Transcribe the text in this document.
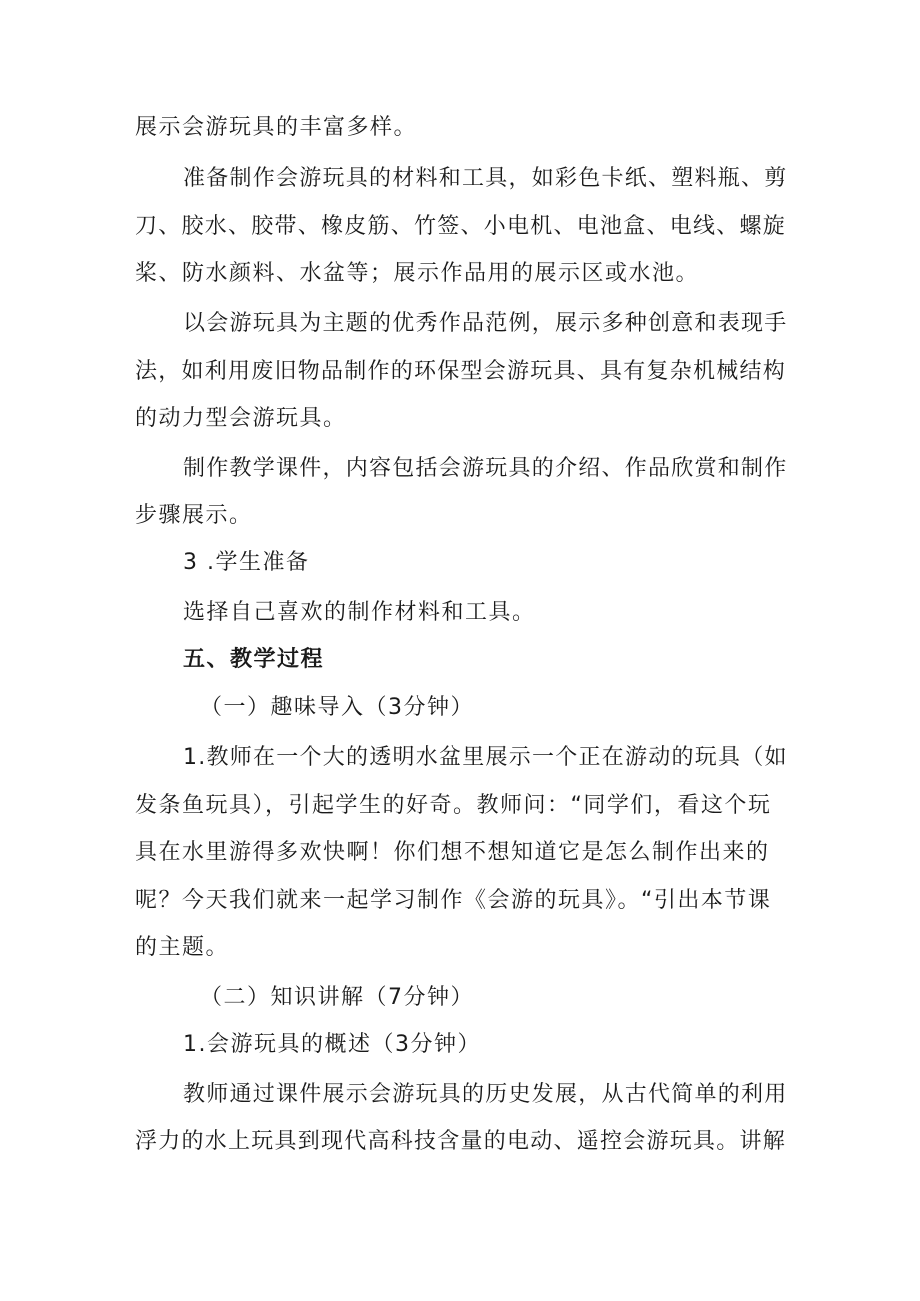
展示会游玩具的丰富多样。
准备制作会游玩具的材料和工具，如彩色卡纸、塑料瓶、剪
刀、胶水、胶带、橡皮筋、竹签、小电机、电池盒、电线、螺旋
桨、防水颜料、水盆等；展示作品用的展示区或水池。
以会游玩具为主题的优秀作品范例，展示多种创意和表现手
法，如利用废旧物品制作的环保型会游玩具、具有复杂机械结构
的动力型会游玩具。
制作教学课件，内容包括会游玩具的介绍、作品欣赏和制作
步骤展示。
3 .学生准备
选择自己喜欢的制作材料和工具。
五、教学过程
（一）趣味导入（3分钟）
1.教师在一个大的透明水盆里展示一个正在游动的玩具（如
发条鱼玩具），引起学生的好奇。教师问：“同学们，看这个玩
具在水里游得多欢快啊！你们想不想知道它是怎么制作出来的
呢？今天我们就来一起学习制作《会游的玩具》。“引出本节课
的主题。
（二）知识讲解（7分钟）
1.会游玩具的概述（3分钟）
教师通过课件展示会游玩具的历史发展，从古代简单的利用
浮力的水上玩具到现代高科技含量的电动、遥控会游玩具。讲解
